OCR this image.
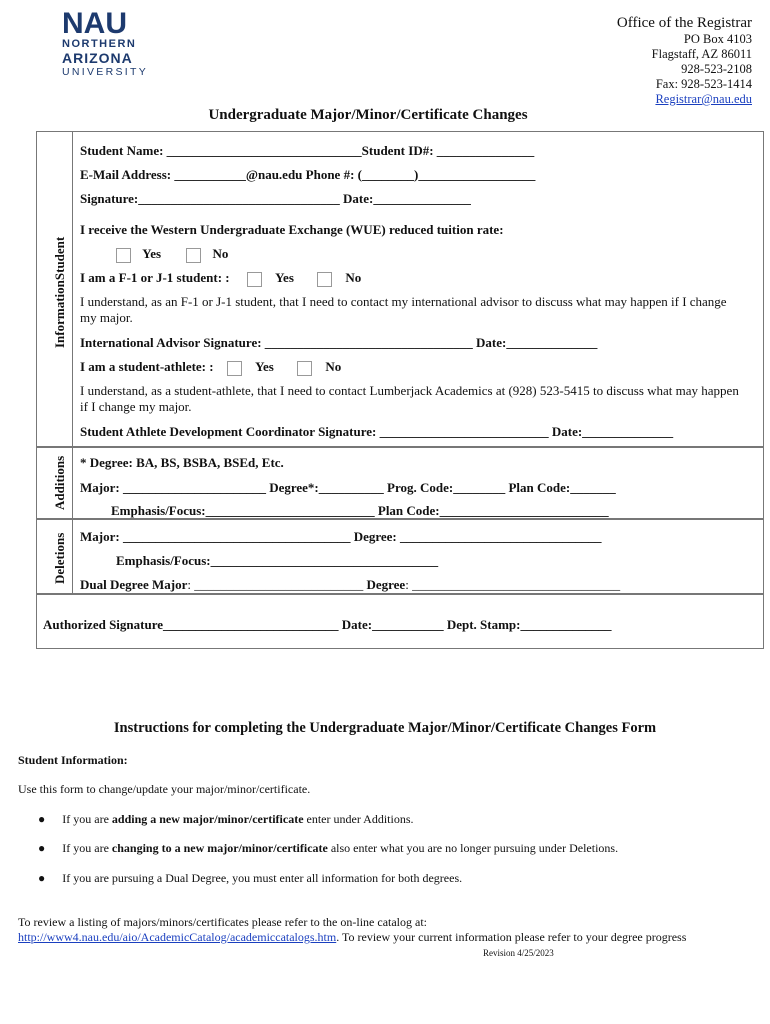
NAU
NORTHERN
ARIZONA
UNIVERSITY
Office of the Registrar
PO Box 4103
Flagstaff, AZ 86011
928-523-2108
Fax: 928-523-1414
Registrar@nau.edu
Undergraduate Major/Minor/Certificate Changes
InformationStudent
Additions
Deletions
Student Name: ______________________________Student ID#: _______________
E-Mail Address: ___________@nau.edu Phone #: (________)__________________
Signature:_______________________________ Date:_______________
I receive the Western Undergraduate Exchange (WUE) reduced tuition rate:
Yes	No
I am a F-1 or J-1 student: :	Yes	No
I understand, as an F-1 or J-1 student, that I need to contact my international advisor to discuss what may happen if I change my major.
International Advisor Signature: ________________________________ Date:______________
I am a student-athlete: :	Yes	No
I understand, as a student-athlete, that I need to contact Lumberjack Academics at (928) 523-5415 to discuss what may happen if I change my major.
Student Athlete Development Coordinator Signature: __________________________ Date:______________
* Degree: BA, BS, BSBA, BSEd, Etc.
Major: ______________________ Degree*:__________ Prog. Code:________ Plan Code:_______
Emphasis/Focus:__________________________ Plan Code:__________________________
Major: ___________________________________ Degree: _______________________________
Emphasis/Focus:___________________________________
Dual Degree Major: __________________________ Degree: ________________________________
Authorized Signature___________________________ Date:___________ Dept. Stamp:______________
Instructions for completing the Undergraduate Major/Minor/Certificate Changes Form
Student Information:
Use this form to change/update your major/minor/certificate.
● If you are adding a new major/minor/certificate enter under Additions.
● If you are changing to a new major/minor/certificate also enter what you are no longer pursuing under Deletions.
● If you are pursuing a Dual Degree, you must enter all information for both degrees.
To review a listing of majors/minors/certificates please refer to the on-line catalog at:
http://www4.nau.edu/aio/AcademicCatalog/academiccatalogs.htm. To review your current information please refer to your degree progress
Revision 4/25/2023
